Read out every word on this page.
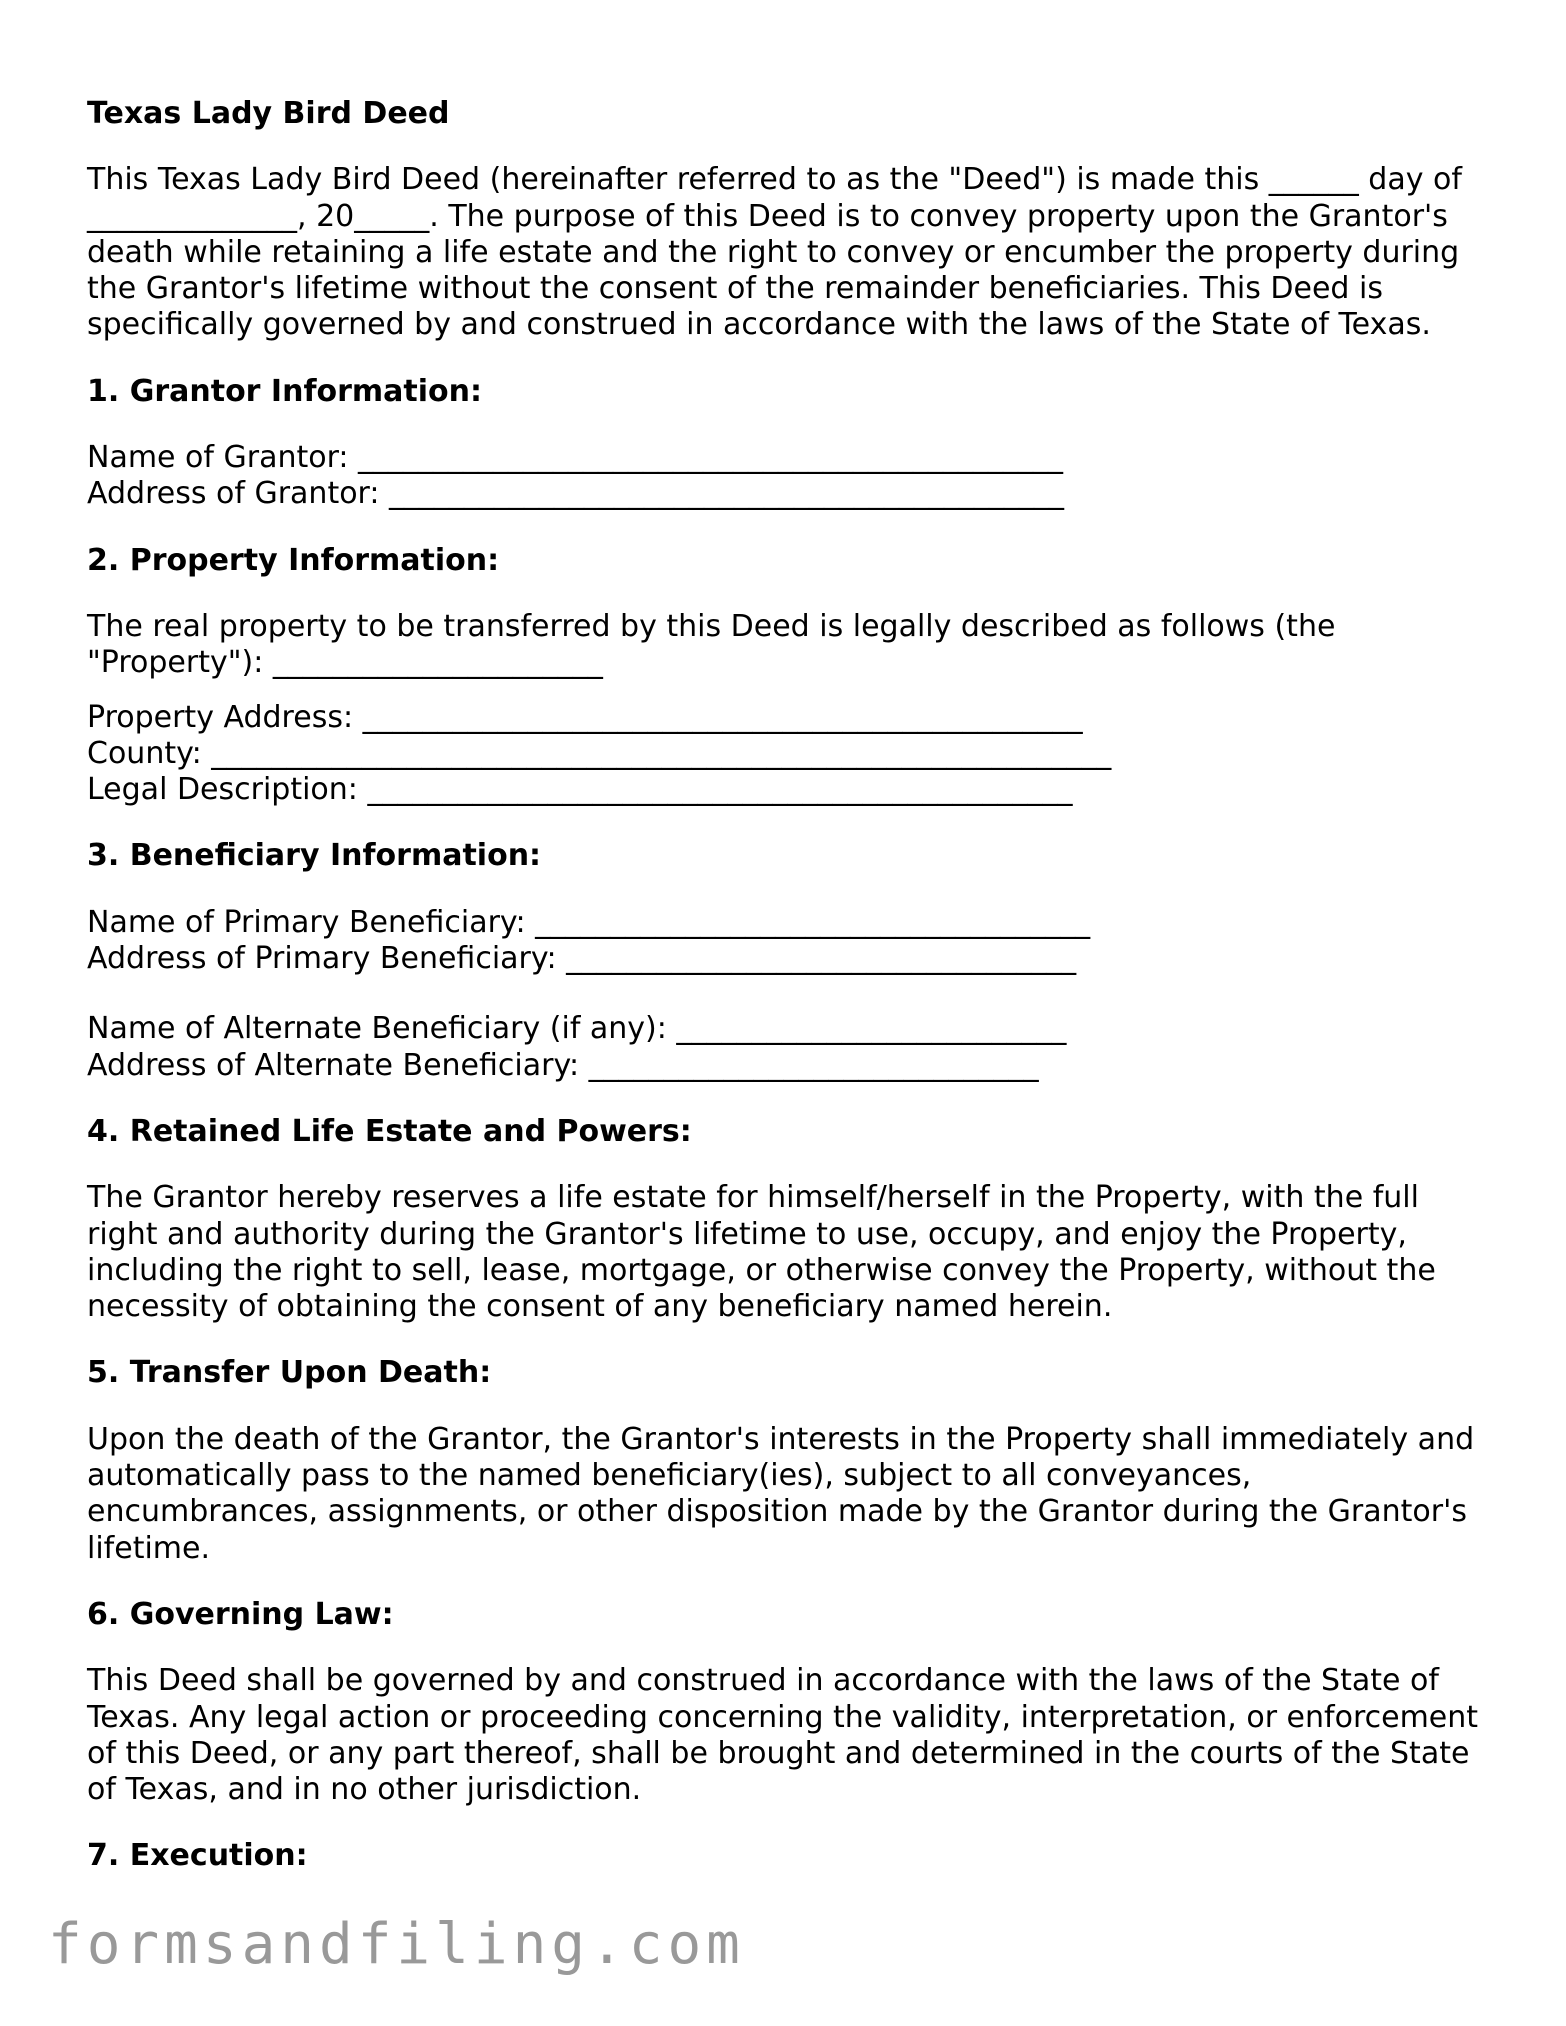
Texas Lady Bird Deed

This Texas Lady Bird Deed (hereinafter referred to as the "Deed") is made this ______ day of ______________, 20_____. The purpose of this Deed is to convey property upon the Grantor's death while retaining a life estate and the right to convey or encumber the property during the Grantor's lifetime without the consent of the remainder beneficiaries. This Deed is specifically governed by and construed in accordance with the laws of the State of Texas.

1. Grantor Information:

Name of Grantor: _______________________________________________

Address of Grantor: _____________________________________________

2. Property Information:

The real property to be transferred by this Deed is legally described as follows (the "Property"): ______________________

Property Address: ________________________________________________

County: ____________________________________________________________

Legal Description: _______________________________________________

3. Beneficiary Information:

Name of Primary Beneficiary: _____________________________________

Address of Primary Beneficiary: __________________________________

Name of Alternate Beneficiary (if any): __________________________

Address of Alternate Beneficiary: ______________________________

4. Retained Life Estate and Powers:

The Grantor hereby reserves a life estate for himself/herself in the Property, with the full right and authority during the Grantor's lifetime to use, occupy, and enjoy the Property, including the right to sell, lease, mortgage, or otherwise convey the Property, without the necessity of obtaining the consent of any beneficiary named herein.

5. Transfer Upon Death:

Upon the death of the Grantor, the Grantor's interests in the Property shall immediately and automatically pass to the named beneficiary(ies), subject to all conveyances, encumbrances, assignments, or other disposition made by the Grantor during the Grantor's lifetime.

6. Governing Law:

This Deed shall be governed by and construed in accordance with the laws of the State of Texas. Any legal action or proceeding concerning the validity, interpretation, or enforcement of this Deed, or any part thereof, shall be brought and determined in the courts of the State of Texas, and in no other jurisdiction.

7. Execution:

formsandfiling.com
